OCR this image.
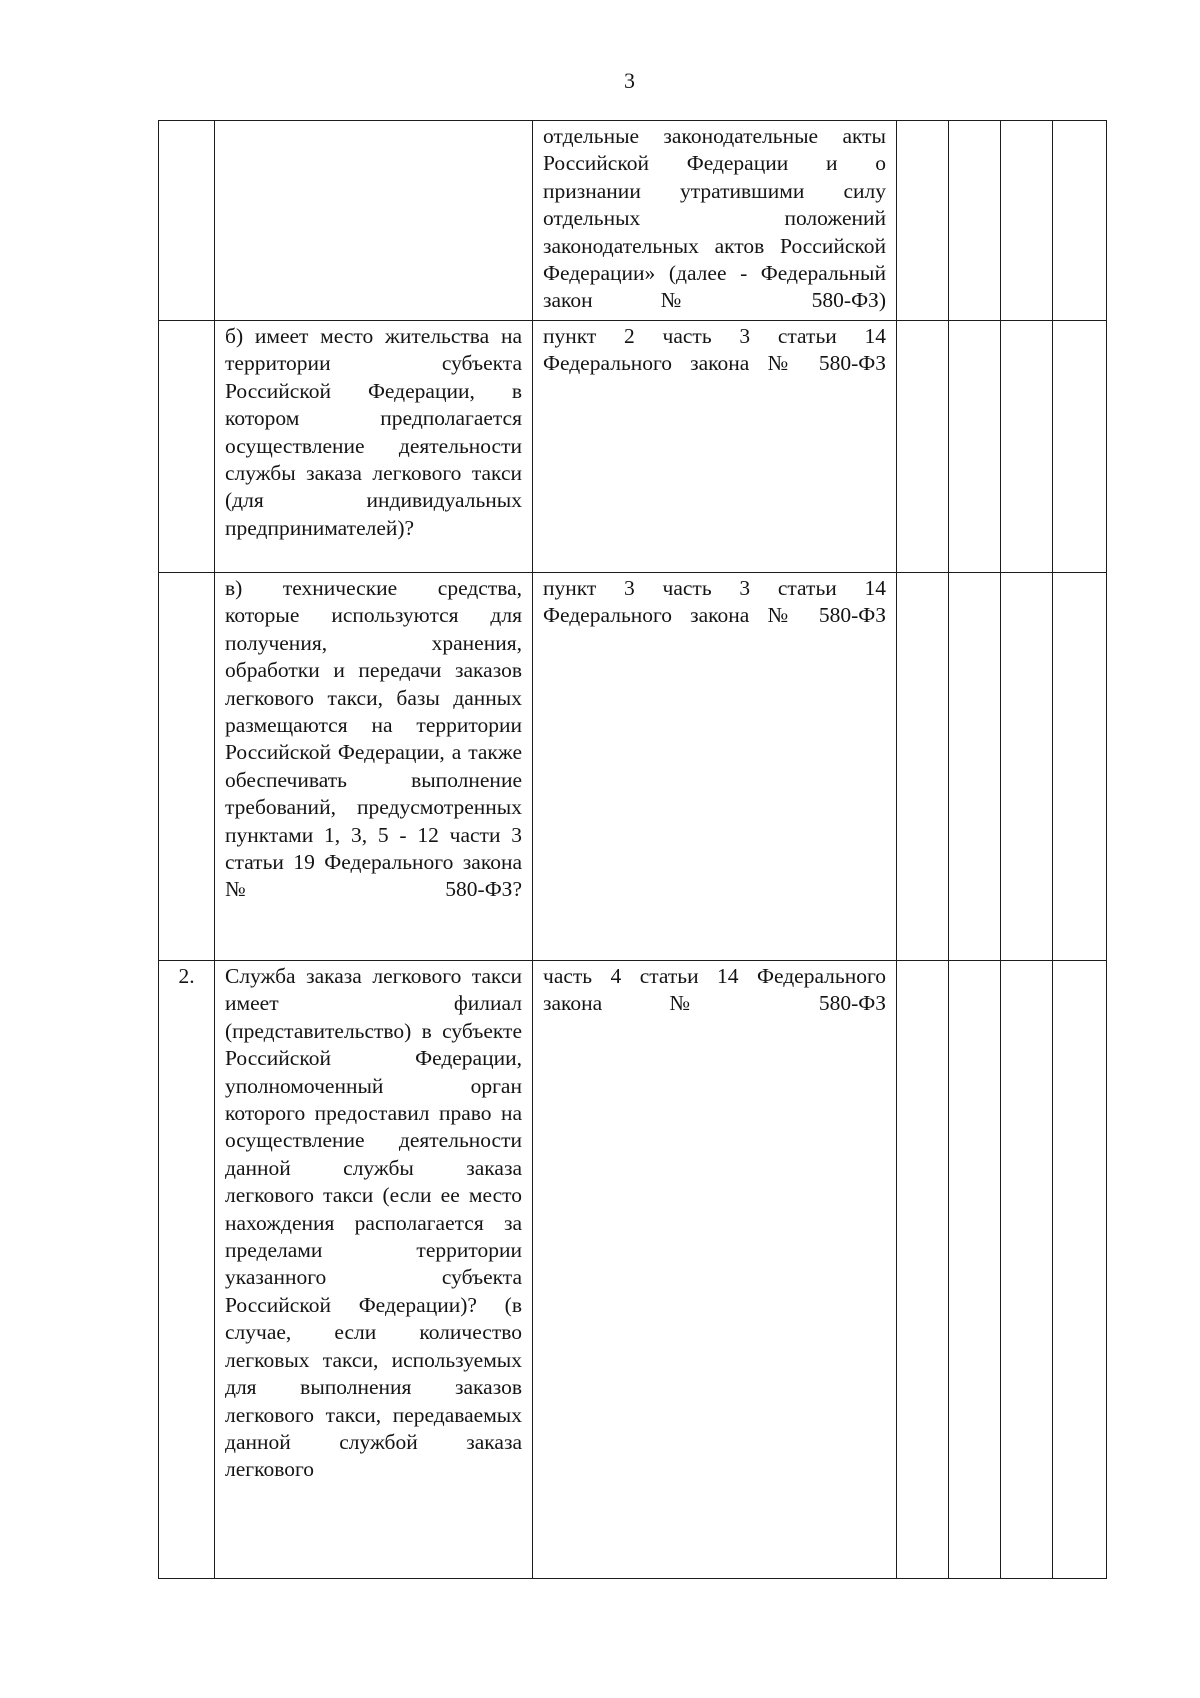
3
		отдельные законодательные акты Российской Федерации и о признании утратившими силу отдельных положений законодательных актов Российской Федерации» (далее - Федеральный закон № 580-ФЗ)				
	б) имеет место жительства на территории субъекта Российской Федерации, в котором предполагается осуществление деятельности службы заказа легкового такси (для индивидуальных предпринимателей)?	пункт 2 часть 3 статьи 14 Федерального закона № 580-ФЗ				
	в) технические средства, которые используются для получения, хранения, обработки и передачи заказов легкового такси, базы данных размещаются на территории Российской Федерации, а также обеспечивать выполнение требований, предусмотренных пунктами 1, 3, 5 - 12 части 3 статьи 19 Федерального закона № 580-ФЗ?	пункт 3 часть 3 статьи 14 Федерального закона № 580-ФЗ				
2.	Служба заказа легкового такси имеет филиал (представительство) в субъекте Российской Федерации, уполномоченный орган которого предоставил право на осуществление деятельности данной службы заказа легкового такси (если ее место нахождения располагается за пределами территории указанного субъекта Российской Федерации)? (в случае, если количество легковых такси, используемых для выполнения заказов легкового такси, передаваемых данной службой заказа легкового	часть 4 статьи 14 Федерального закона № 580-ФЗ				
